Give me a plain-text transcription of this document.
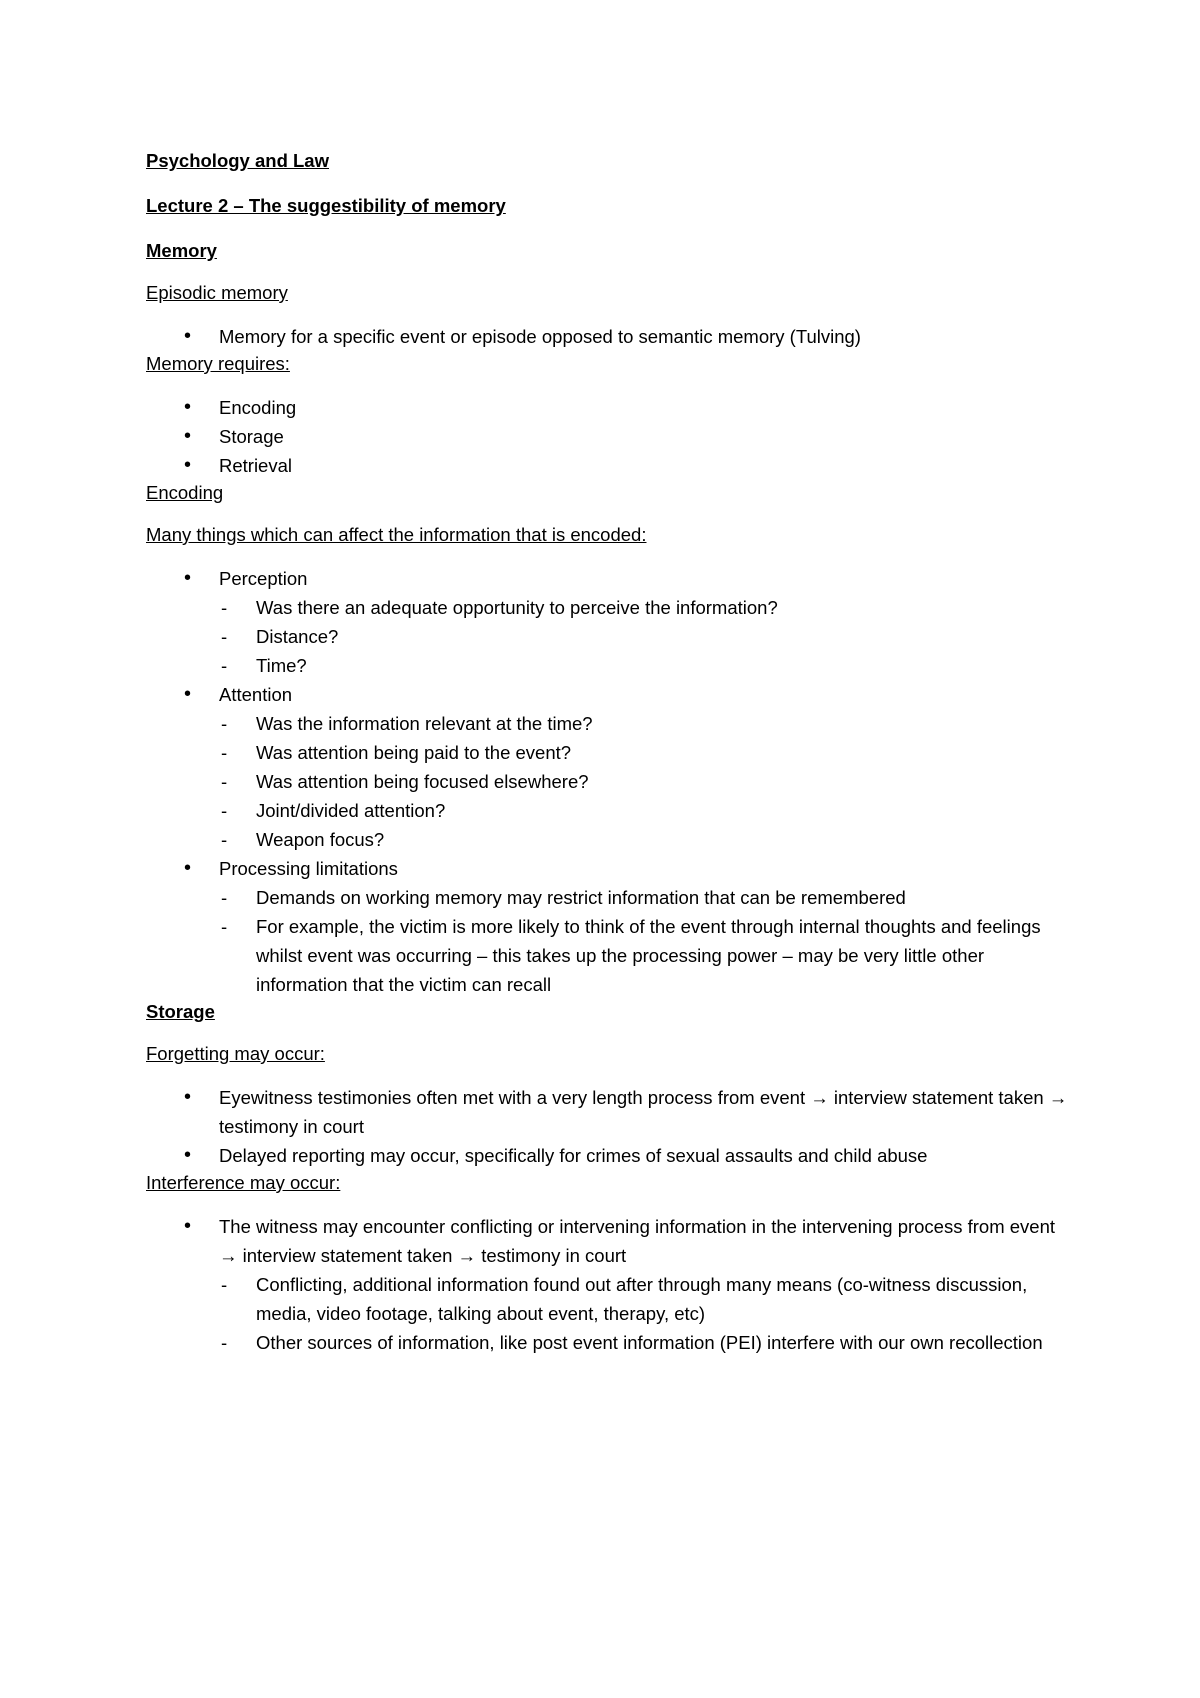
Psychology and Law

Lecture 2 – The suggestibility of memory

Memory

Episodic memory

• Memory for a specific event or episode opposed to semantic memory (Tulving)

Memory requires:

• Encoding
• Storage
• Retrieval

Encoding

Many things which can affect the information that is encoded:

• Perception
- Was there an adequate opportunity to perceive the information?
- Distance?
- Time?
• Attention
- Was the information relevant at the time?
- Was attention being paid to the event?
- Was attention being focused elsewhere?
- Joint/divided attention?
- Weapon focus?
• Processing limitations
- Demands on working memory may restrict information that can be remembered
- For example, the victim is more likely to think of the event through internal thoughts and feelings whilst event was occurring – this takes up the processing power – may be very little other information that the victim can recall

Storage

Forgetting may occur:

• Eyewitness testimonies often met with a very length process from event → interview statement taken → testimony in court
• Delayed reporting may occur, specifically for crimes of sexual assaults and child abuse

Interference may occur:

• The witness may encounter conflicting or intervening information in the intervening process from event → interview statement taken → testimony in court
- Conflicting, additional information found out after through many means (co-witness discussion, media, video footage, talking about event, therapy, etc)
- Other sources of information, like post event information (PEI) interfere with our own recollection
